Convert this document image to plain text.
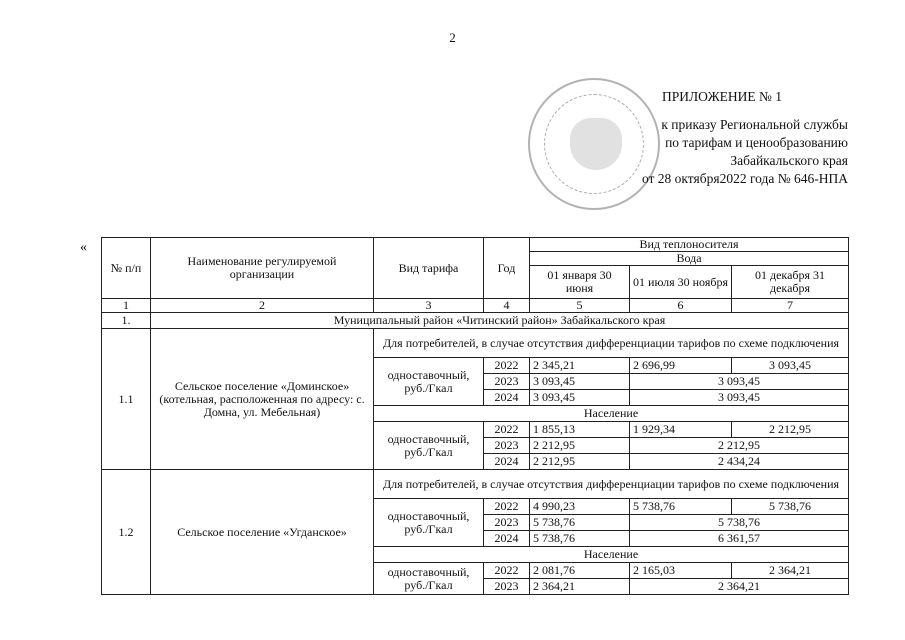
2
ПРИЛОЖЕНИЕ № 1
к приказу Региональной службы
по тарифам и ценообразованию
Забайкальского края
от 28 октября2022 года № 646-НПА
«
№ п/п	Наименование регулируемой организации	Вид тарифа	Год	Вид теплоносителя		
				Вода		
				01 января 30 июня	01 июля 30 ноября	01 декабря 31 декабря
1	2	3	4	5	6	7
1.	Муниципальный район «Читинский район» Забайкальского края					
1.1	Сельское поселение «Доминское» (котельная, расположенная по адресу: с. Домна, ул. Мебельная)	Для потребителей, в случае отсутствия дифференциации тарифов по схеме подключения				
		одноставочный, руб./Гкал	2022	2 345,21	2 696,99	3 093,45
			2023	3 093,45	3 093,45	
			2024	3 093,45	3 093,45	
		Население				
		одноставочный, руб./Гкал	2022	1 855,13	1 929,34	2 212,95
			2023	2 212,95	2 212,95	
			2024	2 212,95	2 434,24	
1.2	Сельское поселение «Угданское»	Для потребителей, в случае отсутствия дифференциации тарифов по схеме подключения				
		одноставочный, руб./Гкал	2022	4 990,23	5 738,76	5 738,76
			2023	5 738,76	5 738,76	
			2024	5 738,76	6 361,57	
		Население				
		одноставочный, руб./Гкал	2022	2 081,76	2 165,03	2 364,21
			2023	2 364,21	2 364,21	
